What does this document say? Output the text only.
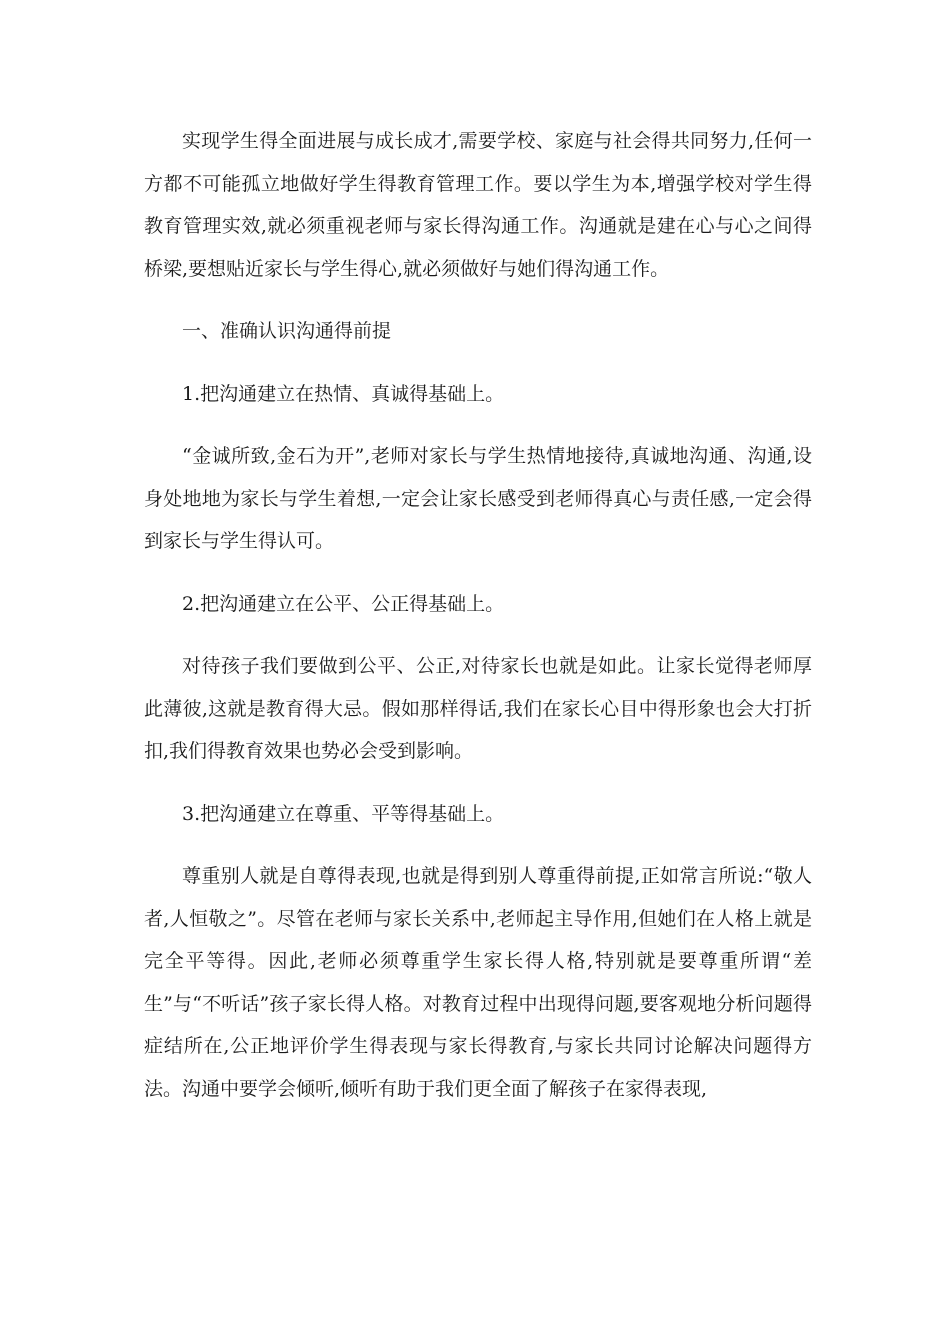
实现学生得全面进展与成长成才,需要学校、家庭与社会得共同努力,任何一方都不可能孤立地做好学生得教育管理工作。要以学生为本,增强学校对学生得教育管理实效,就必须重视老师与家长得沟通工作。沟通就是建在心与心之间得桥梁,要想贴近家长与学生得心,就必须做好与她们得沟通工作。

一、准确认识沟通得前提

1.把沟通建立在热情、真诚得基础上。

“金诚所致,金石为开”,老师对家长与学生热情地接待,真诚地沟通、沟通,设身处地地为家长与学生着想,一定会让家长感受到老师得真心与责任感,一定会得到家长与学生得认可。

2.把沟通建立在公平、公正得基础上。

对待孩子我们要做到公平、公正,对待家长也就是如此。让家长觉得老师厚此薄彼,这就是教育得大忌。假如那样得话,我们在家长心目中得形象也会大打折扣,我们得教育效果也势必会受到影响。

3.把沟通建立在尊重、平等得基础上。

尊重别人就是自尊得表现,也就是得到别人尊重得前提,正如常言所说:“敬人者,人恒敬之”。尽管在老师与家长关系中,老师起主导作用,但她们在人格上就是完全平等得。因此,老师必须尊重学生家长得人格,特别就是要尊重所谓“差生”与“不听话”孩子家长得人格。对教育过程中出现得问题,要客观地分析问题得症结所在,公正地评价学生得表现与家长得教育,与家长共同讨论解决问题得方法。沟通中要学会倾听,倾听有助于我们更全面了解孩子在家得表现,
